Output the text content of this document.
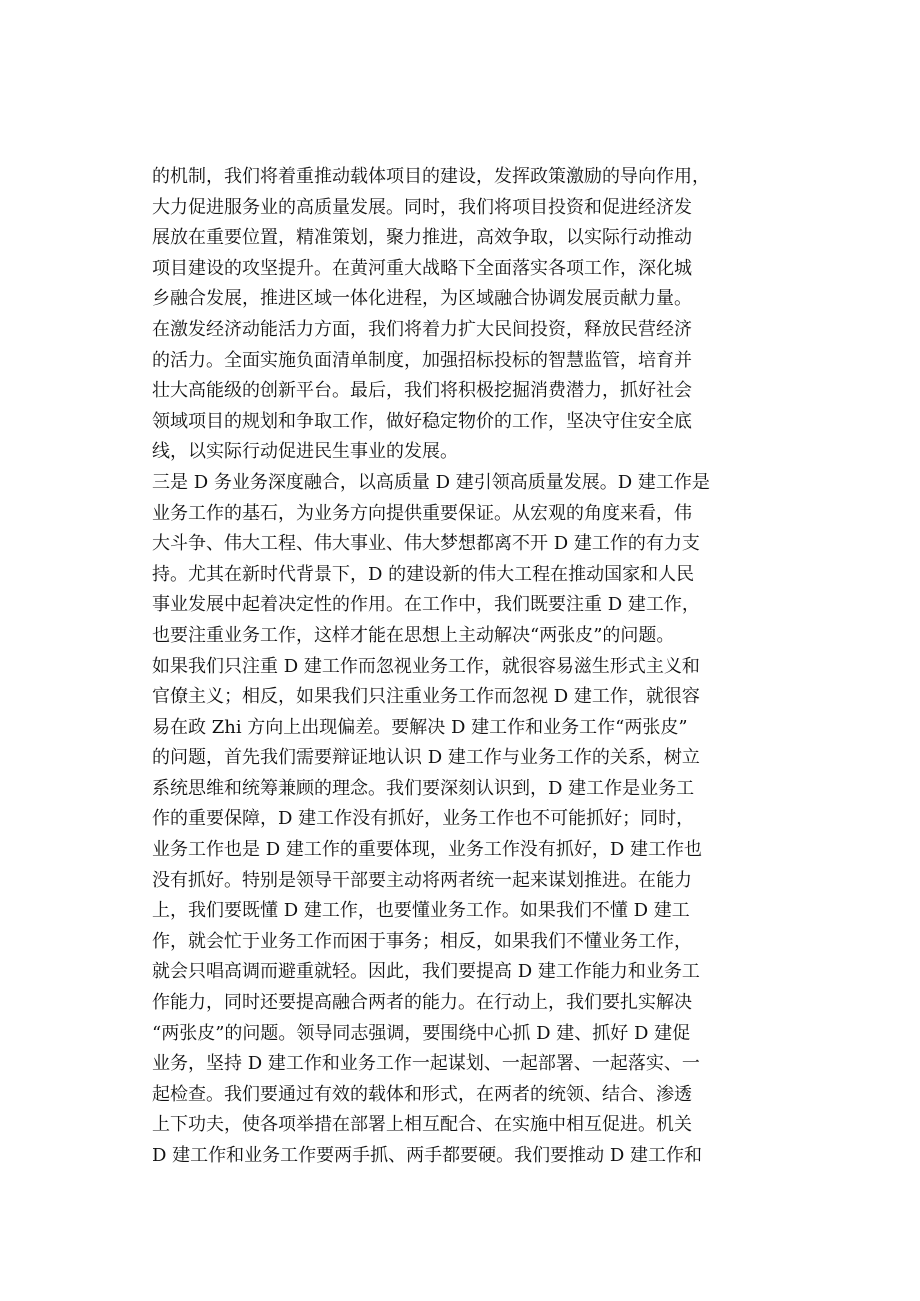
的机制，我们将着重推动载体项目的建设，发挥政策激励的导向作用，
大力促进服务业的高质量发展。同时，我们将项目投资和促进经济发
展放在重要位置，精准策划，聚力推进，高效争取，以实际行动推动
项目建设的攻坚提升。在黄河重大战略下全面落实各项工作，深化城
乡融合发展，推进区域一体化进程，为区域融合协调发展贡献力量。
在激发经济动能活力方面，我们将着力扩大民间投资，释放民营经济
的活力。全面实施负面清单制度，加强招标投标的智慧监管，培育并
壮大高能级的创新平台。最后，我们将积极挖掘消费潜力，抓好社会
领域项目的规划和争取工作，做好稳定物价的工作，坚决守住安全底
线，以实际行动促进民生事业的发展。
三是 D 务业务深度融合，以高质量 D 建引领高质量发展。D 建工作是
业务工作的基石，为业务方向提供重要保证。从宏观的角度来看，伟
大斗争、伟大工程、伟大事业、伟大梦想都离不开 D 建工作的有力支
持。尤其在新时代背景下，D 的建设新的伟大工程在推动国家和人民
事业发展中起着决定性的作用。在工作中，我们既要注重 D 建工作，
也要注重业务工作，这样才能在思想上主动解决“两张皮”的问题。
如果我们只注重 D 建工作而忽视业务工作，就很容易滋生形式主义和
官僚主义；相反，如果我们只注重业务工作而忽视 D 建工作，就很容
易在政 Zhi 方向上出现偏差。要解决 D 建工作和业务工作“两张皮”
的问题，首先我们需要辩证地认识 D 建工作与业务工作的关系，树立
系统思维和统筹兼顾的理念。我们要深刻认识到，D 建工作是业务工
作的重要保障，D 建工作没有抓好，业务工作也不可能抓好；同时，
业务工作也是 D 建工作的重要体现，业务工作没有抓好，D 建工作也
没有抓好。特别是领导干部要主动将两者统一起来谋划推进。在能力
上，我们要既懂 D 建工作，也要懂业务工作。如果我们不懂 D 建工
作，就会忙于业务工作而困于事务；相反，如果我们不懂业务工作，
就会只唱高调而避重就轻。因此，我们要提高 D 建工作能力和业务工
作能力，同时还要提高融合两者的能力。在行动上，我们要扎实解决
“两张皮”的问题。领导同志强调，要围绕中心抓 D 建、抓好 D 建促
业务，坚持 D 建工作和业务工作一起谋划、一起部署、一起落实、一
起检查。我们要通过有效的载体和形式，在两者的统领、结合、渗透
上下功夫，使各项举措在部署上相互配合、在实施中相互促进。机关
D 建工作和业务工作要两手抓、两手都要硬。我们要推动 D 建工作和
